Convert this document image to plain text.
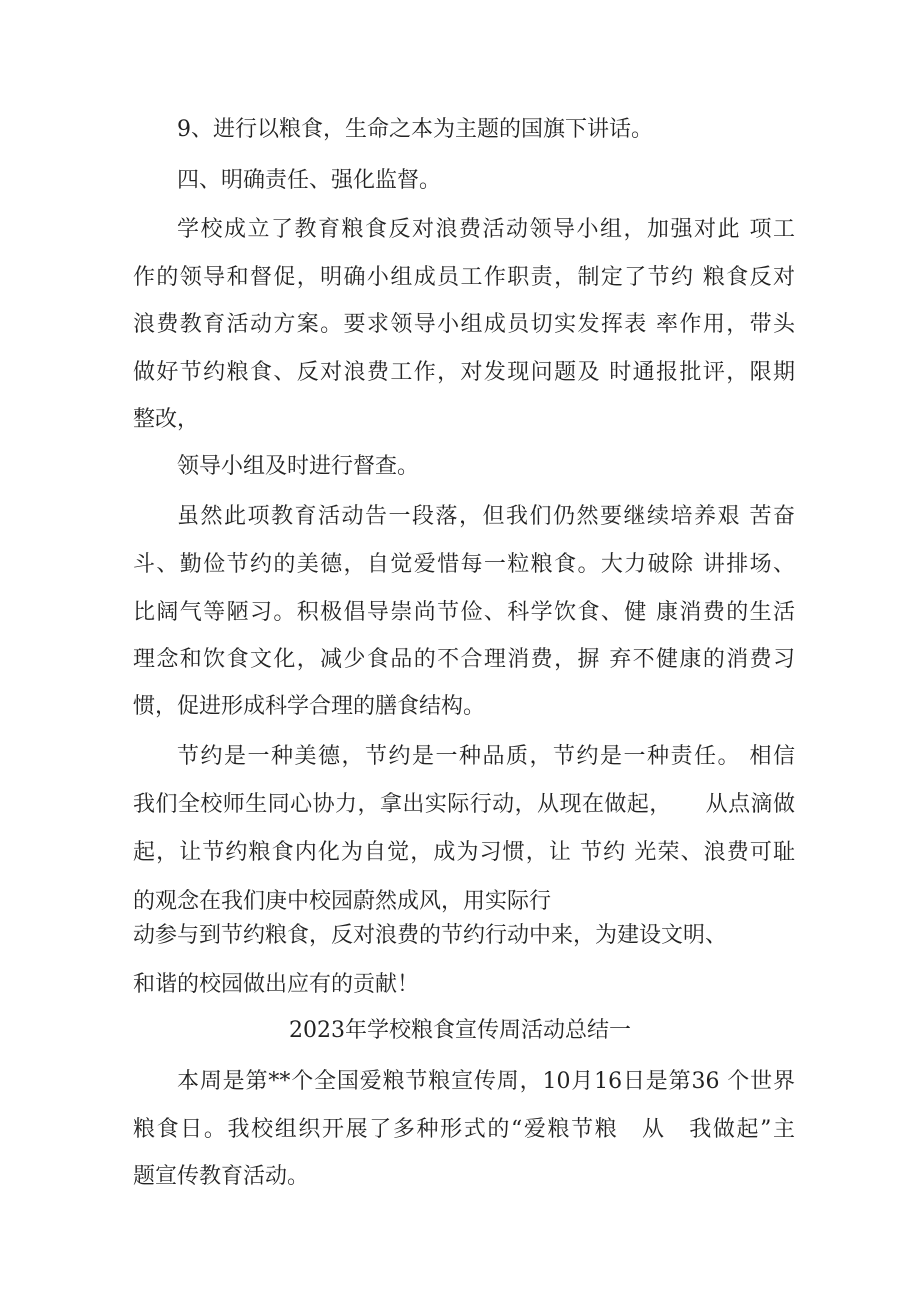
9、进行以粮食，生命之本为主题的国旗下讲话。
四、明确责任、强化监督。
学校成立了教育粮食反对浪费活动领导小组，加强对此 项工
作的领导和督促，明确小组成员工作职责，制定了节约 粮食反对
浪费教育活动方案。要求领导小组成员切实发挥表 率作用，带头
做好节约粮食、反对浪费工作，对发现问题及 时通报批评，限期
整改，
领导小组及时进行督查。
虽然此项教育活动告一段落，但我们仍然要继续培养艰 苦奋
斗、勤俭节约的美德，自觉爱惜每一粒粮食。大力破除 讲排场、
比阔气等陋习。积极倡导崇尚节俭、科学饮食、健 康消费的生活
理念和饮食文化，减少食品的不合理消费，摒 弃不健康的消费习
惯，促进形成科学合理的膳食结构。
节约是一种美德，节约是一种品质，节约是一种责任。 相信
我们全校师生同心协力，拿出实际行动，从现在做起，　　从点滴做
起，让节约粮食内化为自觉，成为习惯，让 节约 光荣、浪费可耻
的观念在我们庚中校园蔚然成风，用实际行
动参与到节约粮食，反对浪费的节约行动中来，为建设文明、
和谐的校园做出应有的贡献！
2023年学校粮食宣传周活动总结一
本周是第**个全国爱粮节粮宣传周，10月16日是第36 个世界
粮食日。我校组织开展了多种形式的“爱粮节粮　从　我做起”主
题宣传教育活动。
